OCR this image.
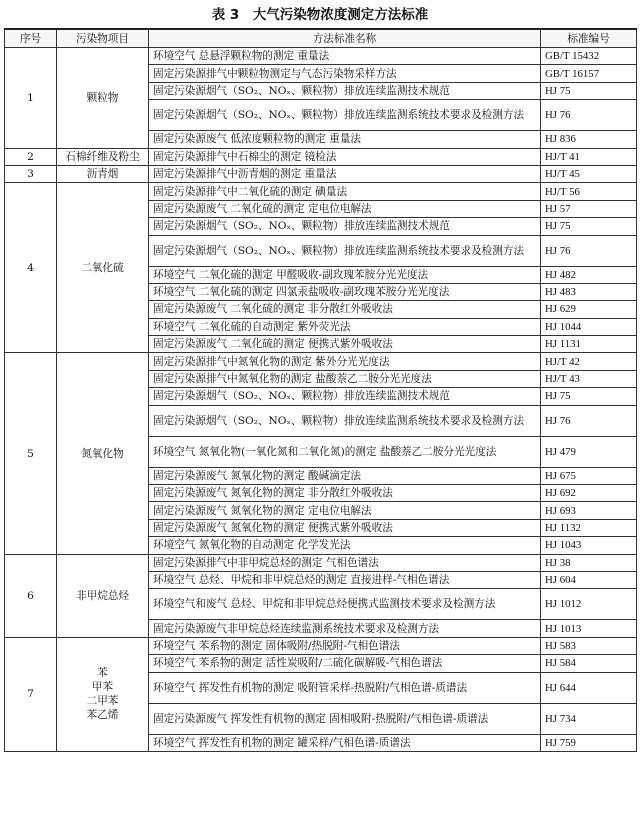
表 3　大气污染物浓度测定方法标准
序号	污染物项目	方法标准名称	标准编号
1	颗粒物	环境空气 总悬浮颗粒物的测定 重量法	GB/T 15432
		固定污染源排气中颗粒物测定与气态污染物采样方法	GB/T 16157
		固定污染源烟气（SO₂、NOₓ、颗粒物）排放连续监测技术规范	HJ 75
		固定污染源烟气（SO₂、NOₓ、颗粒物）排放连续监测系统技术要求及检测方法	HJ 76
		固定污染源废气 低浓度颗粒物的测定 重量法	HJ 836
2	石棉纤维及粉尘	固定污染源排气中石棉尘的测定 镜检法	HJ/T 41
3	沥青烟	固定污染源排气中沥青烟的测定 重量法	HJ/T 45
4	二氧化硫	固定污染源排气中二氧化硫的测定 碘量法	HJ/T 56
		固定污染源废气 二氧化硫的测定 定电位电解法	HJ 57
		固定污染源烟气（SO₂、NOₓ、颗粒物）排放连续监测技术规范	HJ 75
		固定污染源烟气（SO₂、NOₓ、颗粒物）排放连续监测系统技术要求及检测方法	HJ 76
		环境空气 二氧化硫的测定 甲醛吸收-副玫瑰苯胺分光光度法	HJ 482
		环境空气 二氧化硫的测定 四氯汞盐吸收-副玫瑰苯胺分光光度法	HJ 483
		固定污染源废气 二氧化硫的测定 非分散红外吸收法	HJ 629
		环境空气 二氧化硫的自动测定 紫外荧光法	HJ 1044
		固定污染源废气 二氧化硫的测定 便携式紫外吸收法	HJ 1131
5	氮氧化物	固定污染源排气中氮氧化物的测定 紫外分光光度法	HJ/T 42
		固定污染源排气中氮氧化物的测定 盐酸萘乙二胺分光光度法	HJ/T 43
		固定污染源烟气（SO₂、NOₓ、颗粒物）排放连续监测技术规范	HJ 75
		固定污染源烟气（SO₂、NOₓ、颗粒物）排放连续监测系统技术要求及检测方法	HJ 76
		环境空气 氮氧化物(一氧化氮和二氧化氮)的测定 盐酸萘乙二胺分光光度法	HJ 479
		固定污染源废气 氮氧化物的测定 酸碱滴定法	HJ 675
		固定污染源废气 氮氧化物的测定 非分散红外吸收法	HJ 692
		固定污染源废气 氮氧化物的测定 定电位电解法	HJ 693
		固定污染源废气 氮氧化物的测定 便携式紫外吸收法	HJ 1132
		环境空气 氮氧化物的自动测定 化学发光法	HJ 1043
6	非甲烷总烃	固定污染源排气中非甲烷总烃的测定 气相色谱法	HJ 38
		环境空气 总烃、甲烷和非甲烷总烃的测定 直接进样-气相色谱法	HJ 604
		环境空气和废气 总烃、甲烷和非甲烷总烃便携式监测技术要求及检测方法	HJ 1012
		固定污染源废气非甲烷总烃连续监测系统技术要求及检测方法	HJ 1013
7	苯
甲苯
二甲苯
苯乙烯	环境空气 苯系物的测定 固体吸附/热脱附-气相色谱法	HJ 583
		环境空气 苯系物的测定 活性炭吸附/二硫化碳解吸-气相色谱法	HJ 584
		环境空气 挥发性有机物的测定 吸附管采样-热脱附/气相色谱-质谱法	HJ 644
		固定污染源废气 挥发性有机物的测定 固相吸附-热脱附/气相色谱-质谱法	HJ 734
		环境空气 挥发性有机物的测定 罐采样/气相色谱-质谱法	HJ 759
